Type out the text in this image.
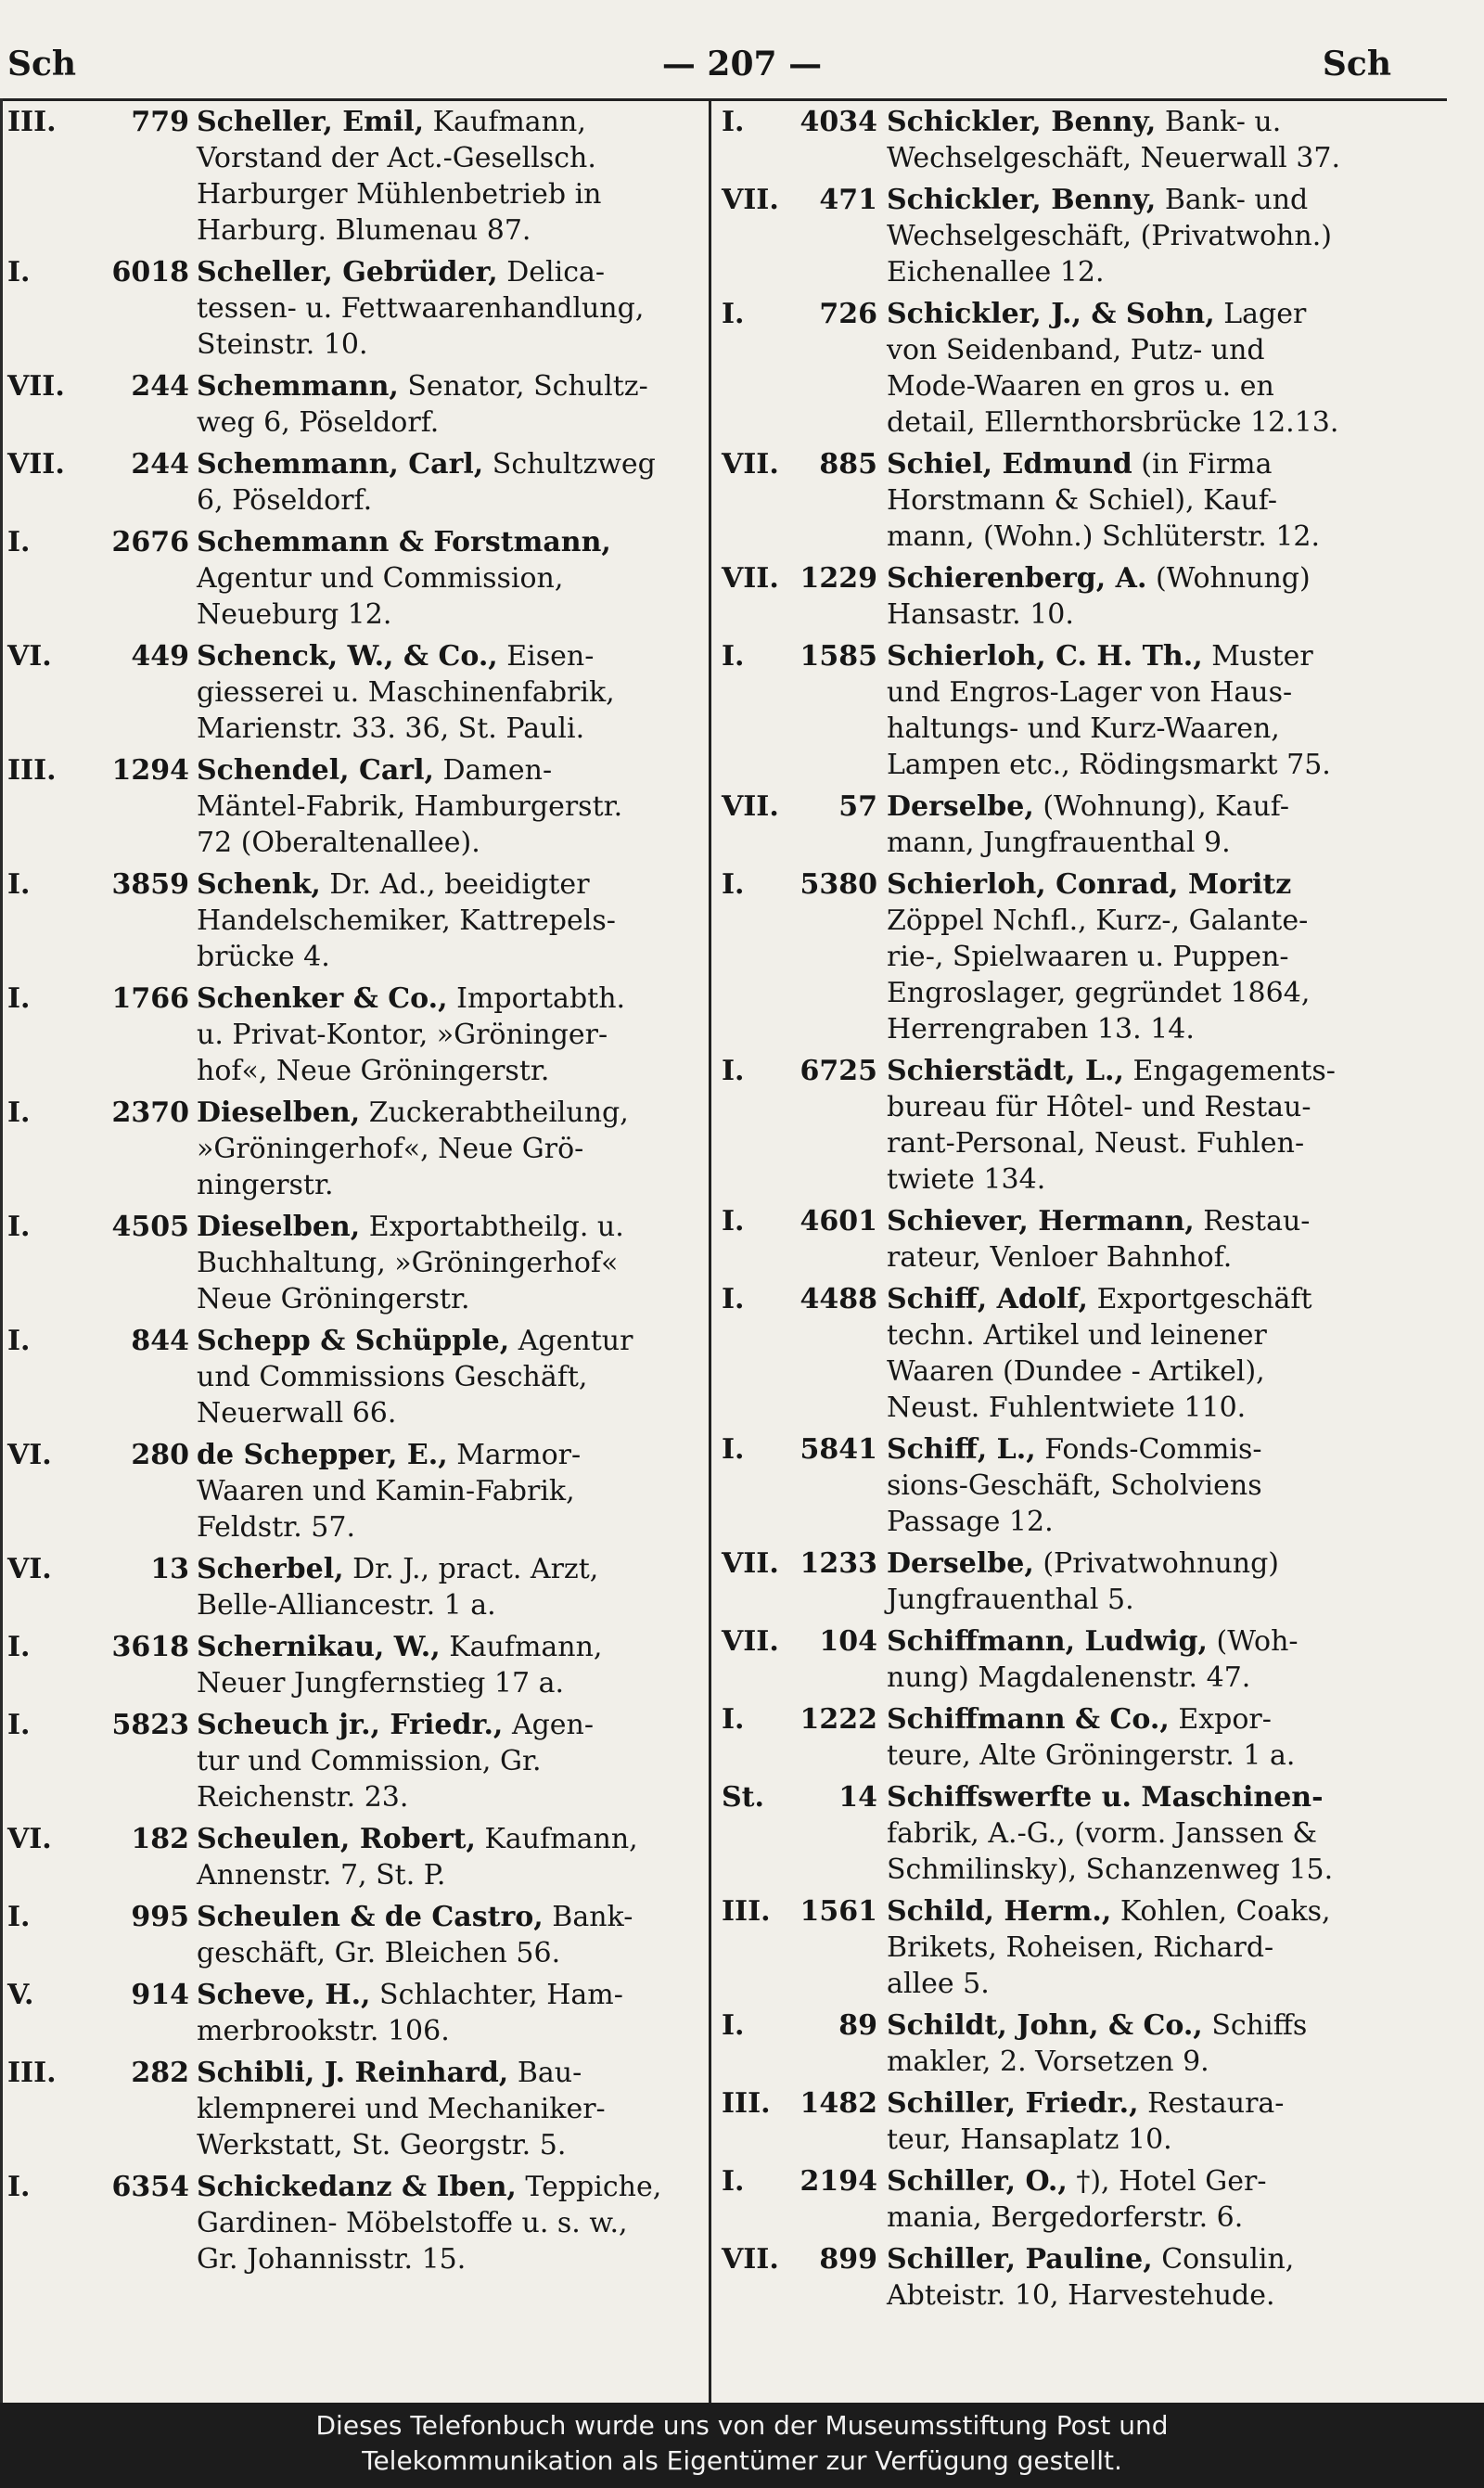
Sch	— 207 —	Sch
III.	779 Scheller, Emil, Kaufmann,
Vorstand der Act.-Gesellsch.
Harburger Mühlenbetrieb in
Harburg. Blumenau 87.
I.	6018 Scheller, Gebrüder, Delica-
tessen- u. Fettwaarenhandlung,
Steinstr. 10.
VII. 244 Schemmann, Senator, Schultz-
weg 6, Pöseldorf.
VII. 244 Schemmann, Carl, Schultzweg
6, Pöseldorf.
I.	2676 Schemmann & Forstmann,
Agentur und Commission,
Neueburg 12.
VI.	449 Schenck, W., & Co., Eisen-
giesserei u. Maschinenfabrik,
Marienstr. 33. 36, St. Pauli.
III. 1294 Schendel, Carl, Damen-
Mäntel-Fabrik, Hamburgerstr.
72 (Oberaltenallee).
I.	3859 Schenk, Dr. Ad., beeidigter
Handelschemiker, Kattrepels-
brücke 4.
I.	1766 Schenker & Co., Importabth.
u. Privat-Kontor, »Gröninger-
hof«, Neue Gröningerstr.
I.	2370 Dieselben, Zuckerabtheilung,
»Gröningerhof«, Neue Grö-
ningerstr.
I.	4505 Dieselben, Exportabtheilg. u.
Buchhaltung, »Gröningerhof«
Neue Gröningerstr.
I.	844 Schepp & Schüpple, Agentur
und Commissions Geschäft,
Neuerwall 66.
VI.	280 de Schepper, E., Marmor-
Waaren und Kamin-Fabrik,
Feldstr. 57.
VI.	13 Scherbel, Dr. J., pract. Arzt,
Belle-Alliancestr. 1 a.
I.	3618 Schernikau, W., Kaufmann,
Neuer Jungfernstieg 17 a.
I.	5823 Scheuch jr., Friedr., Agen-
tur und Commission, Gr.
Reichenstr. 23.
VI.	182 Scheulen, Robert, Kaufmann,
Annenstr. 7, St. P.
I.	995 Scheulen & de Castro, Bank-
geschäft, Gr. Bleichen 56.
V.	914 Scheve, H., Schlachter, Ham-
merbrookstr. 106.
III.	282 Schibli, J. Reinhard, Bau-
klempnerei und Mechaniker-
Werkstatt, St. Georgstr. 5.
I.	6354 Schickedanz & Iben, Teppiche,
Gardinen- Möbelstoffe u. s. w.,
Gr. Johannisstr. 15.
I. 4034 Schickler, Benny, Bank- u.
Wechselgeschäft, Neuerwall 37.
VII. 471 Schickler, Benny, Bank- und
Wechselgeschäft, (Privatwohn.)
Eichenallee 12.
I.	726 Schickler, J., & Sohn, Lager
von Seidenband, Putz- und
Mode-Waaren en gros u. en
detail, Ellernthorsbrücke 12.13.
VII. 885 Schiel, Edmund (in Firma
Horstmann & Schiel), Kauf-
mann, (Wohn.) Schlüterstr. 12.
VII. 1229 Schierenberg, A. (Wohnung)
Hansastr. 10.
I. 1585 Schierloh, C. H. Th., Muster
und Engros-Lager von Haus-
haltungs- und Kurz-Waaren,
Lampen etc., Rödingsmarkt 75.
VII. 57 Derselbe, (Wohnung), Kauf-
mann, Jungfrauenthal 9.
I. 5380 Schierloh, Conrad, Moritz
Zöppel Nchfl., Kurz-, Galante-
rie-, Spielwaaren u. Puppen-
Engroslager, gegründet 1864,
Herrengraben 13. 14.
I. 6725 Schierstädt, L., Engagements-
bureau für Hôtel- und Restau-
rant-Personal, Neust. Fuhlen-
twiete 134.
I. 4601 Schiever, Hermann, Restau-
rateur, Venloer Bahnhof.
I. 4488 Schiff, Adolf, Exportgeschäft
techn. Artikel und leinener
Waaren (Dundee - Artikel),
Neust. Fuhlentwiete 110.
I. 5841 Schiff, L., Fonds-Commis-
sions-Geschäft, Scholviens
Passage 12.
VII. 1233 Derselbe, (Privatwohnung)
Jungfrauenthal 5.
VII. 104 Schiffmann, Ludwig, (Woh-
nung) Magdalenenstr. 47.
I. 1222 Schiffmann & Co., Expor-
teure, Alte Gröningerstr. 1 a.
St.	14 Schiffswerfte u. Maschinen-
fabrik, A.-G., (vorm. Janssen &
Schmilinsky), Schanzenweg 15.
III. 1561 Schild, Herm., Kohlen, Coaks,
Brikets, Roheisen, Richard-
allee 5.
I.	89 Schildt, John, & Co., Schiffs
makler, 2. Vorsetzen 9.
III. 1482 Schiller, Friedr., Restaura-
teur, Hansaplatz 10.
I. 2194 Schiller, O., †), Hotel Ger-
mania, Bergedorferstr. 6.
VII. 899 Schiller, Pauline, Consulin,
Abteistr. 10, Harvestehude.
Dieses Telefonbuch wurde uns von der Museumsstiftung Post und
Telekommunikation als Eigentümer zur Verfügung gestellt.
